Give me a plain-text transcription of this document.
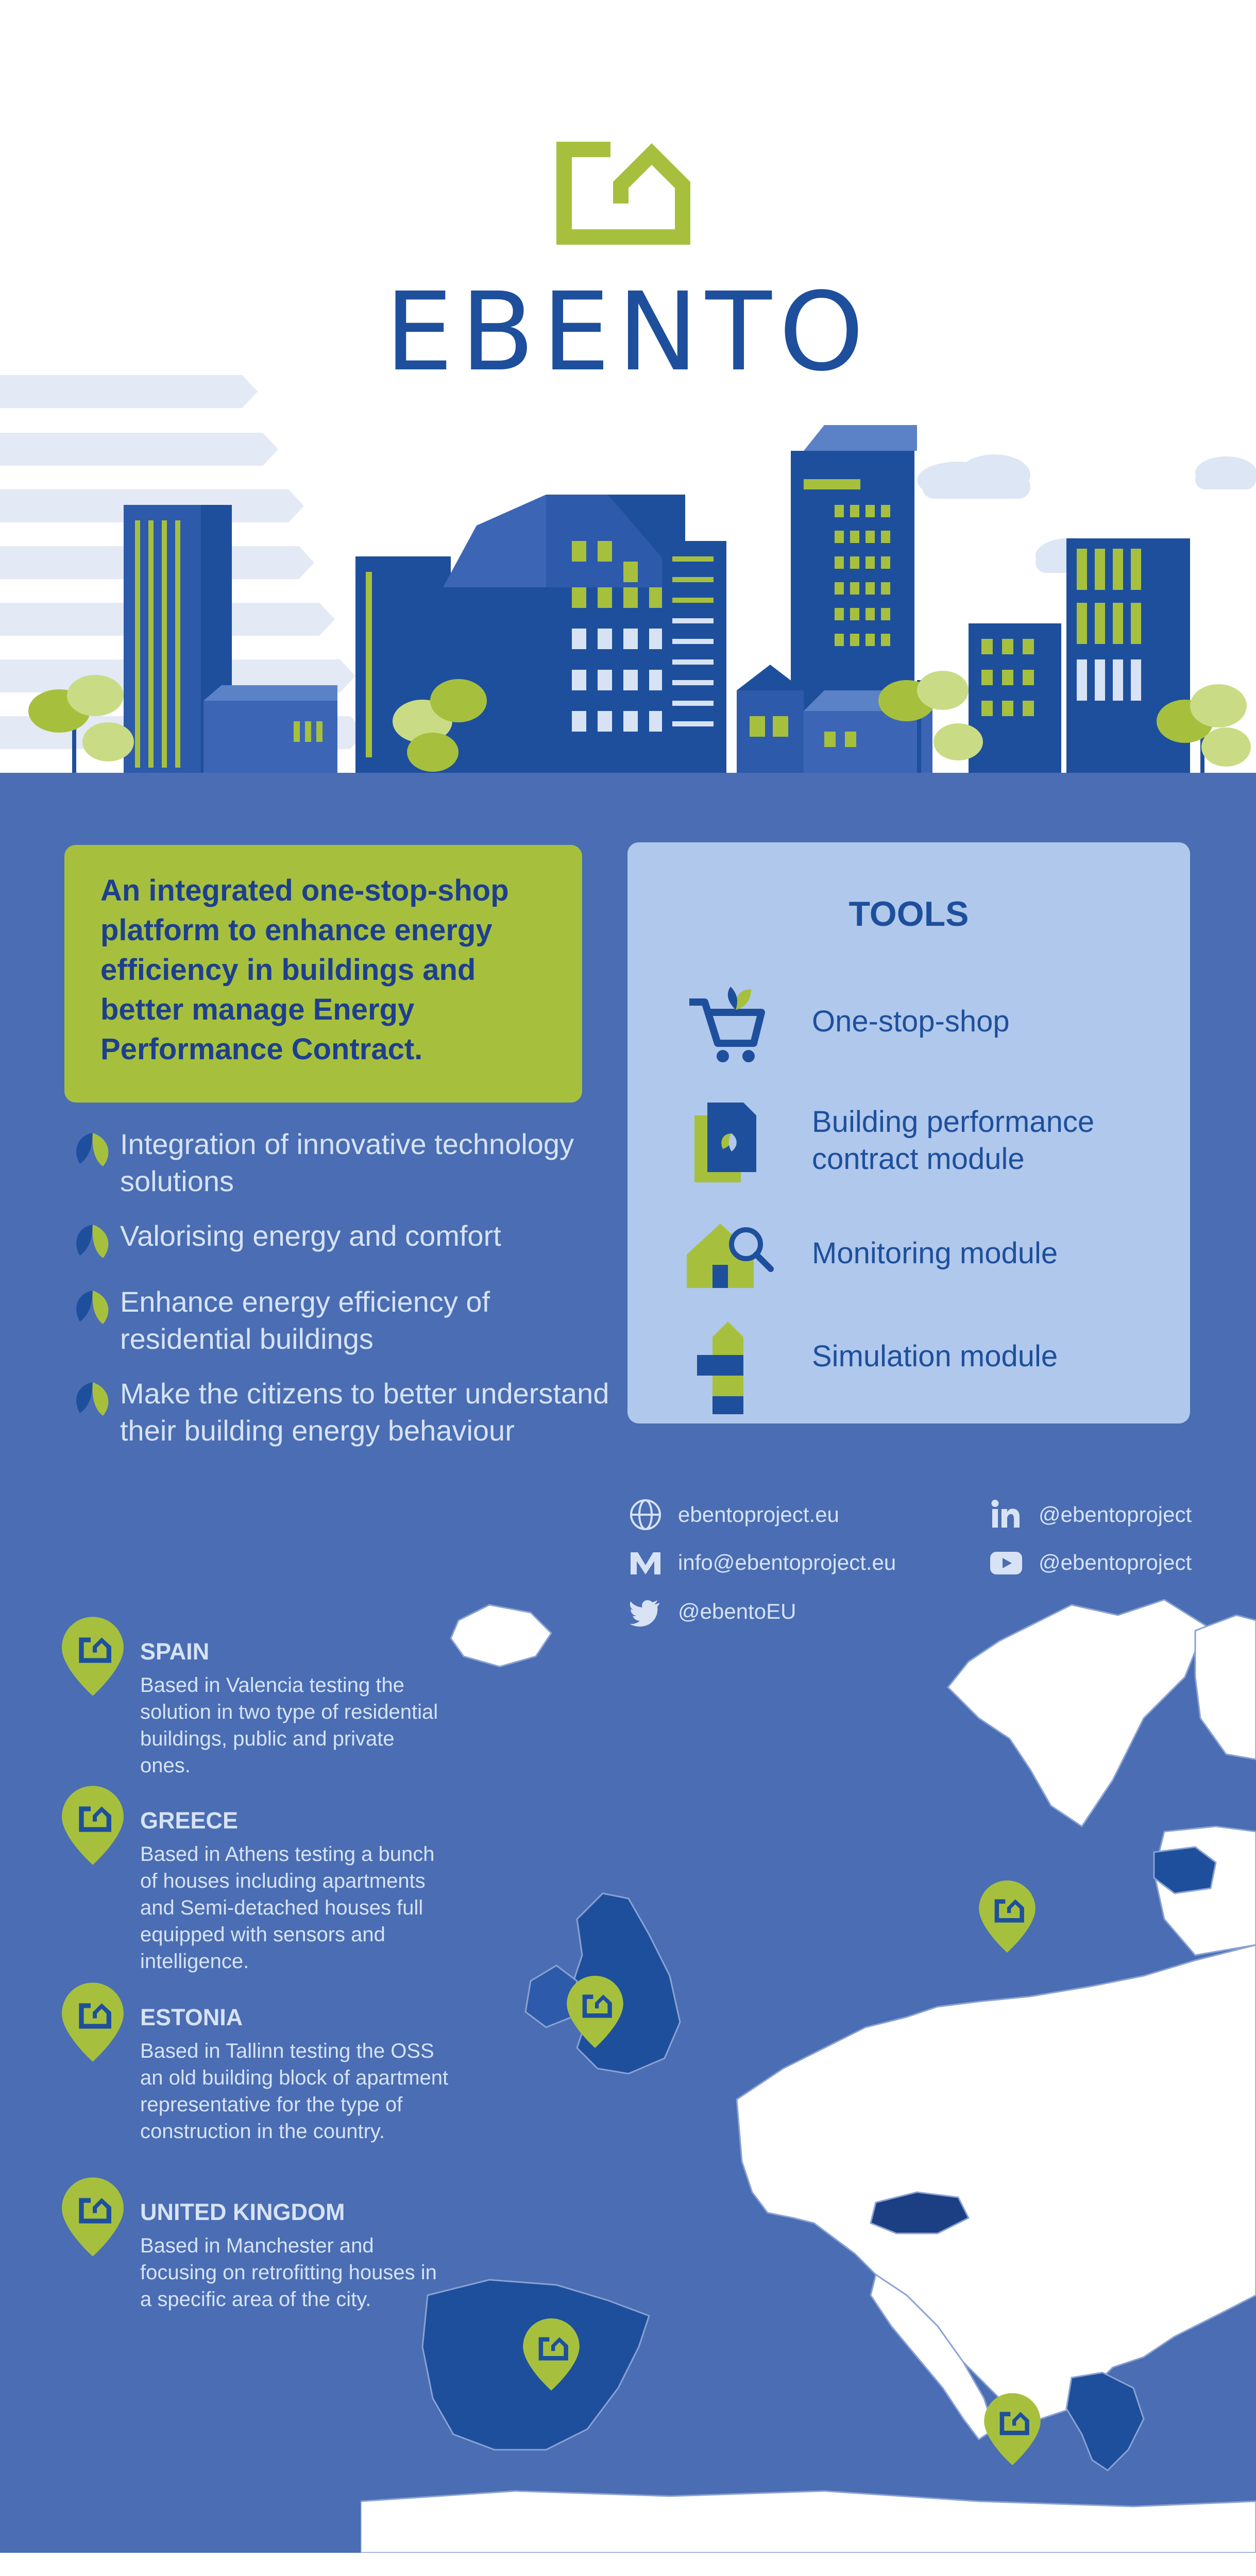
EBENTO

An integrated one-stop-shop platform to enhance energy efficiency in buildings and better manage Energy Performance Contract.

Integration of innovative technology solutions
Valorising energy and comfort
Enhance energy efficiency of residential buildings
Make the citizens to better understand their building energy behaviour
TOOLS
One-stop-shop
Building performance contract module
Monitoring module
Simulation module
ebentoproject.eu
info@ebentoproject.eu
@ebentoEU
@ebentoproject
@ebentoproject
SPAIN
Based in Valencia testing the solution in two type of residential buildings, public and private ones.
GREECE
Based in Athens testing a bunch of houses including apartments and Semi-detached houses full equipped with sensors and intelligence.
ESTONIA
Based in Tallinn testing the OSS an old building block of apartment representative for the type of construction in the country.
UNITED KINGDOM
Based in Manchester and focusing on retrofitting houses in a specific area of the city.
